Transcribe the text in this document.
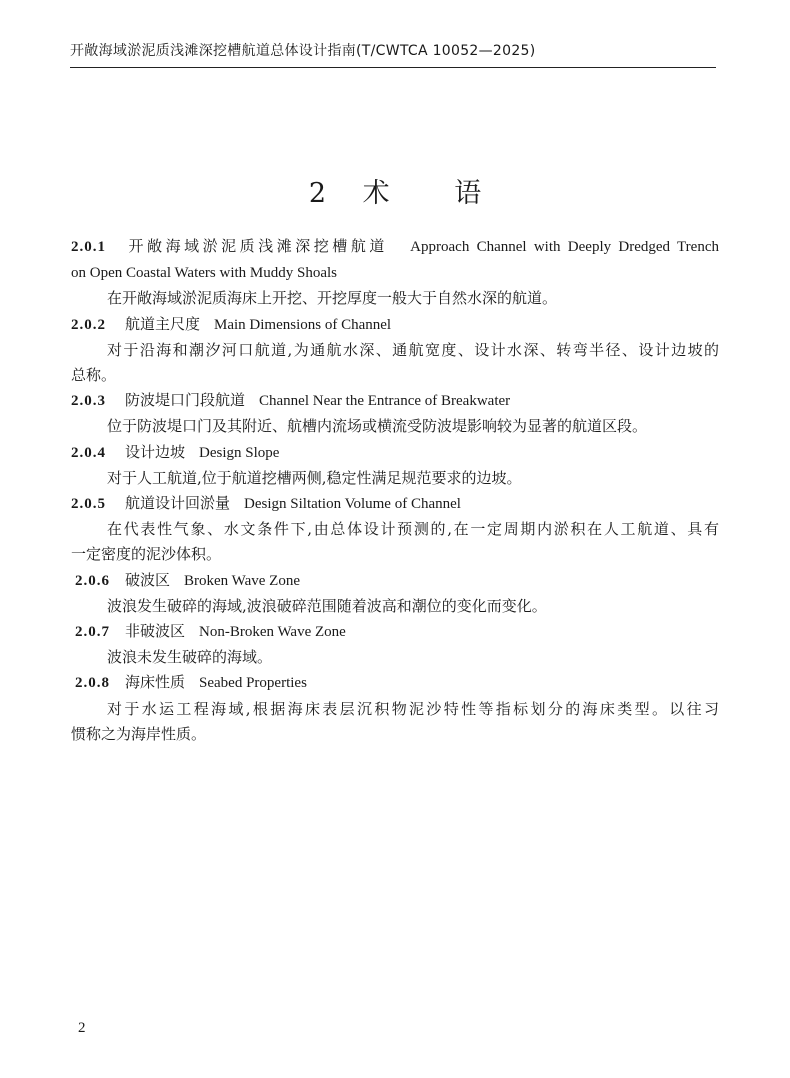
开敞海域淤泥质浅滩深挖槽航道总体设计指南(T/CWTCA 10052—2025)
2 术 语
2.0.1 开敞海域淤泥质浅滩深挖槽航道 Approach Channel with Deeply Dredged Trench
on Open Coastal Waters with Muddy Shoals
在开敞海域淤泥质海床上开挖、开挖厚度一般大于自然水深的航道。
2.0.2 航道主尺度 Main Dimensions of Channel
对于沿海和潮汐河口航道,为通航水深、通航宽度、设计水深、转弯半径、设计边坡的
总称。
2.0.3 防波堤口门段航道 Channel Near the Entrance of Breakwater
位于防波堤口门及其附近、航槽内流场或横流受防波堤影响较为显著的航道区段。
2.0.4 设计边坡 Design Slope
对于人工航道,位于航道挖槽两侧,稳定性满足规范要求的边坡。
2.0.5 航道设计回淤量 Design Siltation Volume of Channel
在代表性气象、水文条件下,由总体设计预测的,在一定周期内淤积在人工航道、具有
一定密度的泥沙体积。
2.0.6 破波区 Broken Wave Zone
波浪发生破碎的海域,波浪破碎范围随着波高和潮位的变化而变化。
2.0.7 非破波区 Non-Broken Wave Zone
波浪未发生破碎的海域。
2.0.8 海床性质 Seabed Properties
对于水运工程海域,根据海床表层沉积物泥沙特性等指标划分的海床类型。以往习
惯称之为海岸性质。
2
